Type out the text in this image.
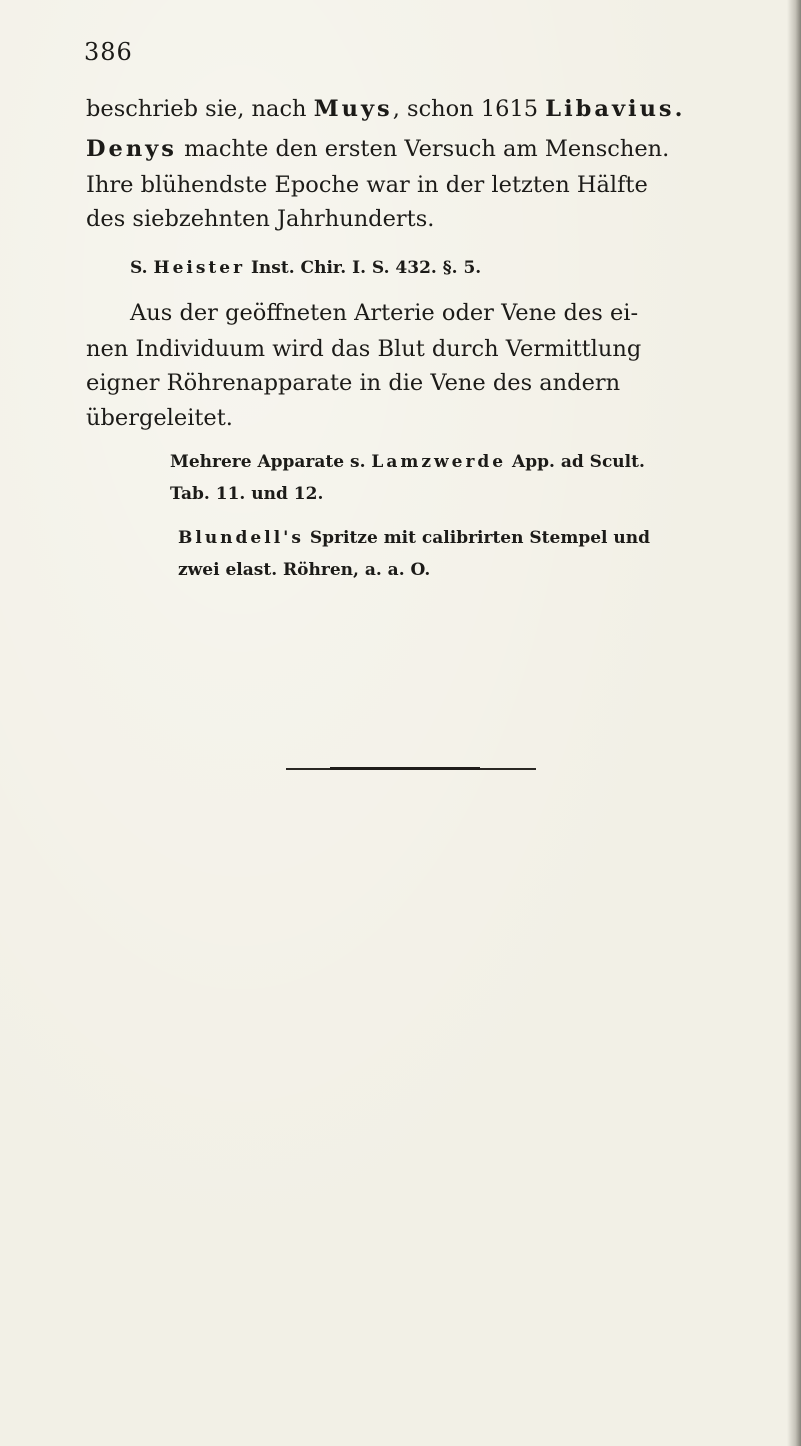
386
beschrieb sie, nach Muys, schon 1615 Libavius.
Denys machte den ersten Versuch am Menschen.
Ihre blühendste Epoche war in der letzten Hälfte
des siebzehnten Jahrhunderts.
S. Heister Inst. Chir. I. S. 432. §. 5.
Aus der geöffneten Arterie oder Vene des ei-
nen Individuum wird das Blut durch Vermittlung
eigner Röhrenapparate in die Vene des andern
übergeleitet.
Mehrere Apparate s. Lamzwerde App. ad Scult.
Tab. 11. und 12.
Blundell's Spritze mit calibrirten Stempel und
zwei elast. Röhren, a. a. O.
